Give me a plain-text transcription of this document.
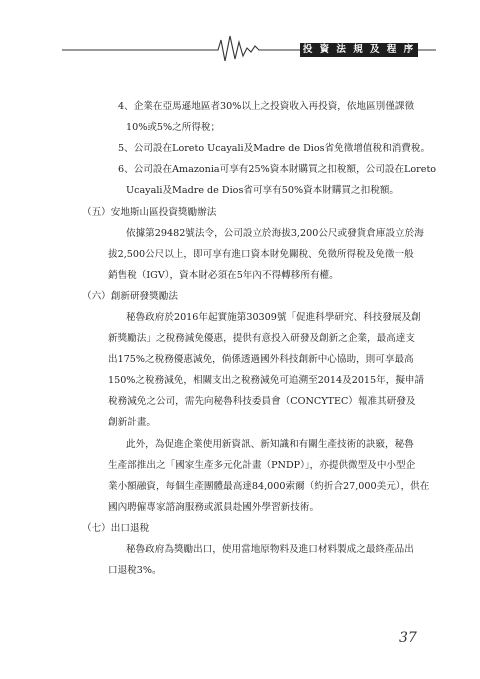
投 資 法 規 及 程 序
4、企業在亞馬遜地區者30%以上之投資收入再投資，依地區別僅課徵
10%或5%之所得稅；
5、公司設在Loreto Ucayali及Madre de Dios省免徵增值稅和消費稅。
6、公司設在Amazonia可享有25%資本財購買之扣稅額，公司設在Loreto
Ucayali及Madre de Dios省可享有50%資本財購買之扣稅額。
（五）安地斯山區投資獎勵辦法
依據第29482號法令，公司設立於海拔3,200公尺或發貨倉庫設立於海
拔2,500公尺以上，即可享有進口資本財免關稅、免徵所得稅及免徵一般
銷售稅（IGV），資本財必須在5年內不得轉移所有權。
（六）創新研發獎勵法
秘魯政府於2016年起實施第30309號「促進科學研究、科技發展及創
新獎勵法」之稅務減免優惠，提供有意投入研發及創新之企業，最高達支
出175%之稅務優惠減免，倘係透過國外科技創新中心協助，則可享最高
150%之稅務減免，相關支出之稅務減免可追溯至2014及2015年，擬申請
稅務減免之公司，需先向秘魯科技委員會（CONCYTEC）報准其研發及
創新計畫。
此外，為促進企業使用新資訊、新知識和有關生產技術的訣竅，秘魯
生產部推出之「國家生產多元化計畫（PNDP）」，亦提供微型及中小型企
業小額融資，每個生產團體最高達84,000索爾（約折合27,000美元），供在
國內聘僱專家諮詢服務或派員赴國外學習新技術。
（七）出口退稅
秘魯政府為獎勵出口，使用當地原物料及進口材料製成之最終產品出
口退稅3%。
37
